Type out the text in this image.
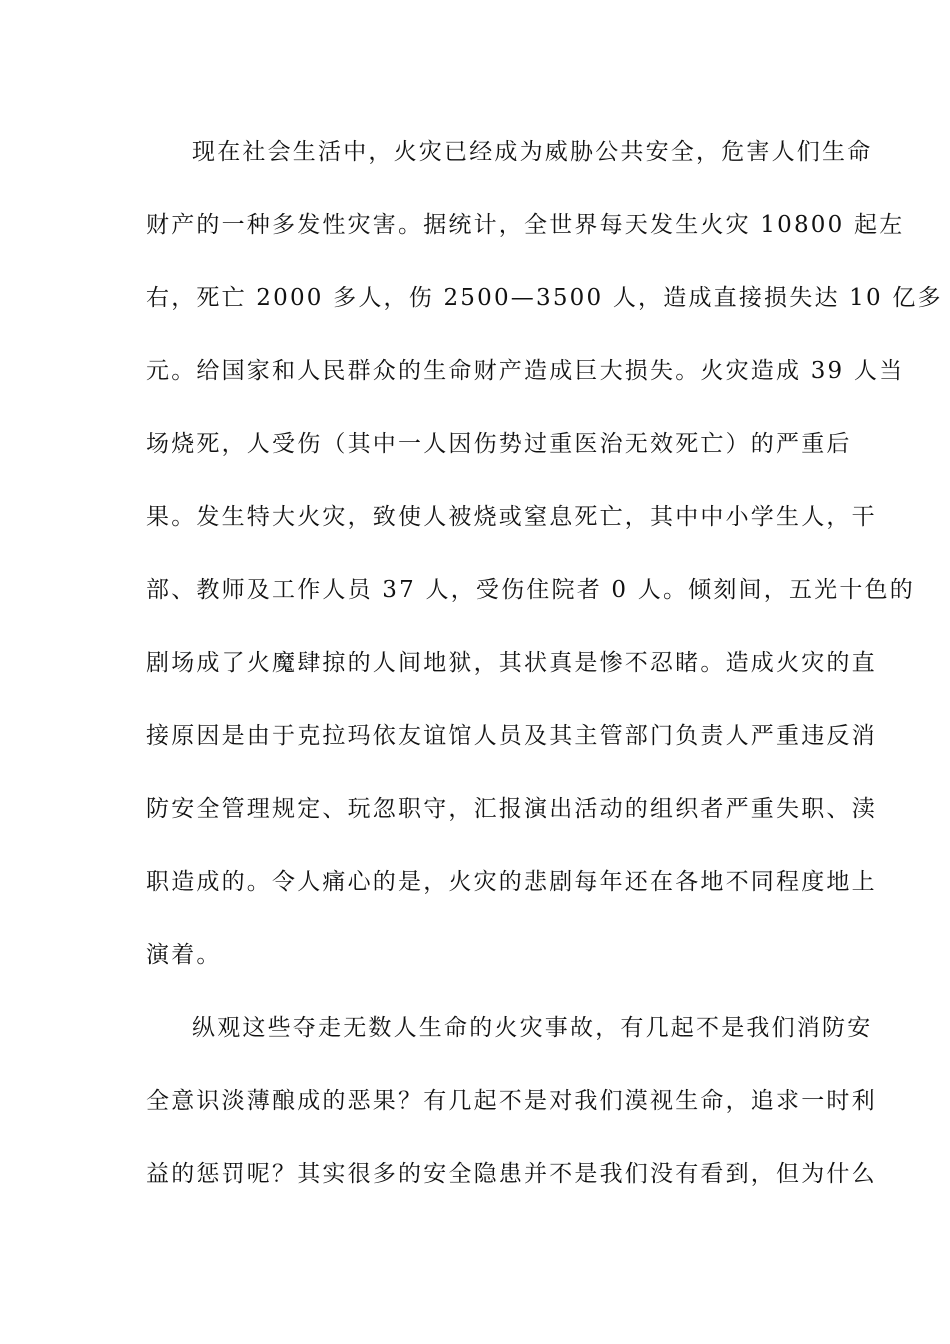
现在社会生活中，火灾已经成为威胁公共安全，危害人们生命
财产的一种多发性灾害。据统计，全世界每天发生火灾 10800 起左
右，死亡 2000 多人，伤 2500—3500 人，造成直接损失达 10 亿多
元。给国家和人民群众的生命财产造成巨大损失。火灾造成 39 人当
场烧死，人受伤（其中一人因伤势过重医治无效死亡）的严重后
果。发生特大火灾，致使人被烧或窒息死亡，其中中小学生人，干
部、教师及工作人员 37 人，受伤住院者 0 人。倾刻间，五光十色的
剧场成了火魔肆掠的人间地狱，其状真是惨不忍睹。造成火灾的直
接原因是由于克拉玛依友谊馆人员及其主管部门负责人严重违反消
防安全管理规定、玩忽职守，汇报演出活动的组织者严重失职、渎
职造成的。令人痛心的是，火灾的悲剧每年还在各地不同程度地上
演着。
纵观这些夺走无数人生命的火灾事故，有几起不是我们消防安
全意识淡薄酿成的恶果？有几起不是对我们漠视生命，追求一时利
益的惩罚呢？其实很多的安全隐患并不是我们没有看到，但为什么
